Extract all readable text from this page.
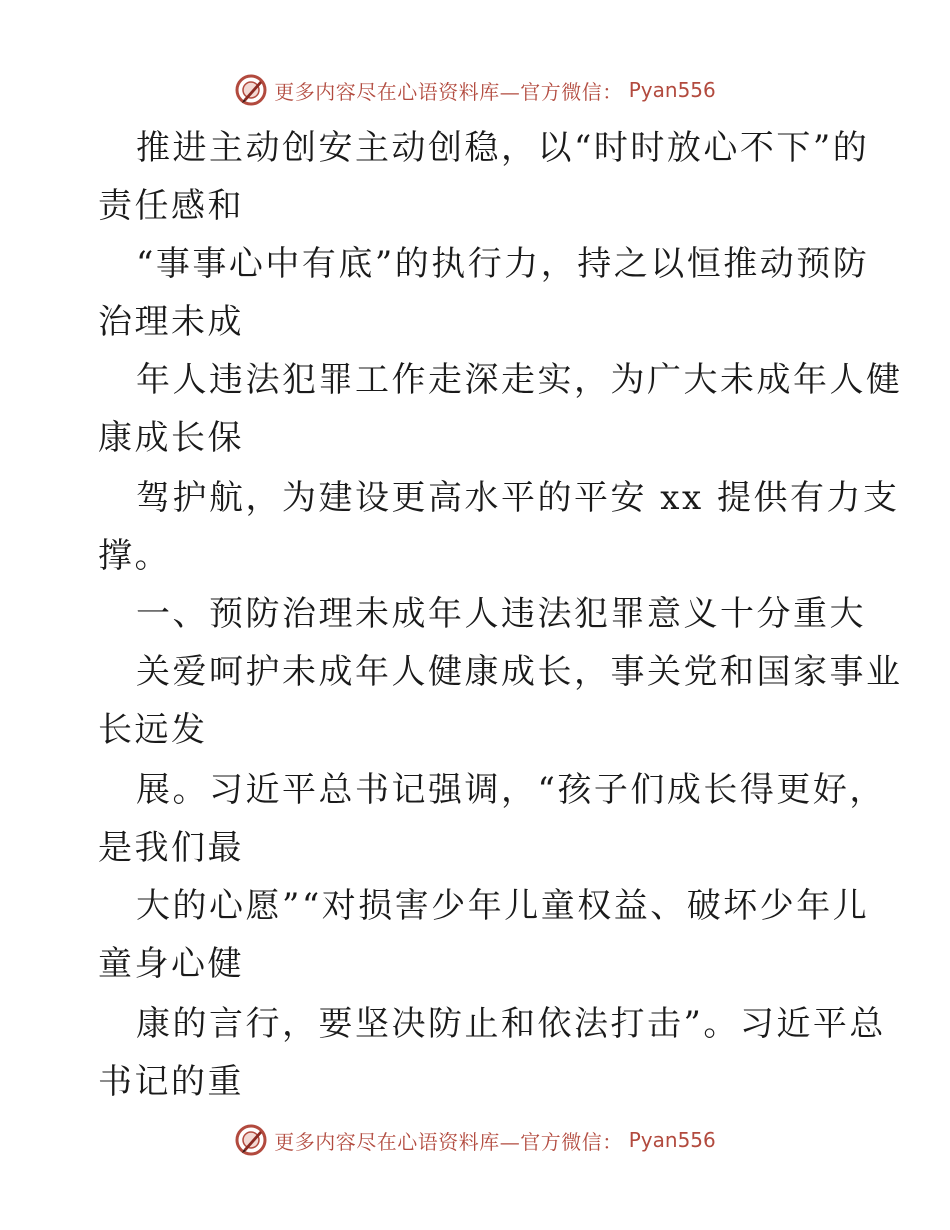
更多内容尽在心语资料库—官方微信： Pyan556
推进主动创安主动创稳，以“时时放心不下”的
责任感和
“事事心中有底”的执行力，持之以恒推动预防
治理未成
年人违法犯罪工作走深走实，为广大未成年人健
康成长保
驾护航，为建设更高水平的平安 xx 提供有力支
撑。
一、预防治理未成年人违法犯罪意义十分重大
关爱呵护未成年人健康成长，事关党和国家事业
长远发
展。习近平总书记强调，“孩子们成长得更好，
是我们最
大的心愿”“对损害少年儿童权益、破坏少年儿
童身心健
康的言行，要坚决防止和依法打击”。习近平总
书记的重
更多内容尽在心语资料库—官方微信： Pyan556
